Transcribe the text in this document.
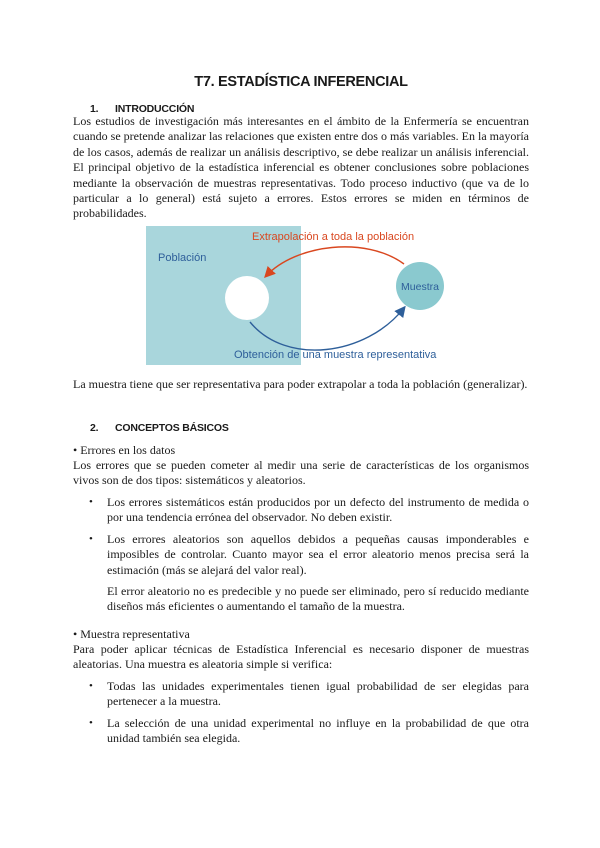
T7. ESTADÍSTICA INFERENCIAL
1. INTRODUCCIÓN

Los estudios de investigación más interesantes en el ámbito de la Enfermería se encuentran cuando se pretende analizar las relaciones que existen entre dos o más variables. En la mayoría de los casos, además de realizar un análisis descriptivo, se debe realizar un análisis inferencial. El principal objetivo de la estadística inferencial es obtener conclusiones sobre poblaciones mediante la observación de muestras representativas. Todo proceso inductivo (que va de lo particular a lo general) está sujeto a errores. Estos errores se miden en términos de probabilidades.

Población
Muestra
Extrapolación a toda la población
Obtención de una muestra representativa

La muestra tiene que ser representativa para poder extrapolar a toda la población (generalizar).

2. CONCEPTOS BÁSICOS
• Errores en los datos

Los errores que se pueden cometer al medir una serie de características de los organismos vivos son de dos tipos: sistemáticos y aleatorios.

• Los errores sistemáticos están producidos por un defecto del instrumento de medida o por una tendencia errónea del observador. No deben existir.

• Los errores aleatorios son aquellos debidos a pequeñas causas imponderables e imposibles de controlar. Cuanto mayor sea el error aleatorio menos precisa será la estimación (más se alejará del valor real).

El error aleatorio no es predecible y no puede ser eliminado, pero sí reducido mediante diseños más eficientes o aumentando el tamaño de la muestra.

• Muestra representativa

Para poder aplicar técnicas de Estadística Inferencial es necesario disponer de muestras aleatorias. Una muestra es aleatoria simple si verifica:

• Todas las unidades experimentales tienen igual probabilidad de ser elegidas para pertenecer a la muestra.

• La selección de una unidad experimental no influye en la probabilidad de que otra unidad también sea elegida.
